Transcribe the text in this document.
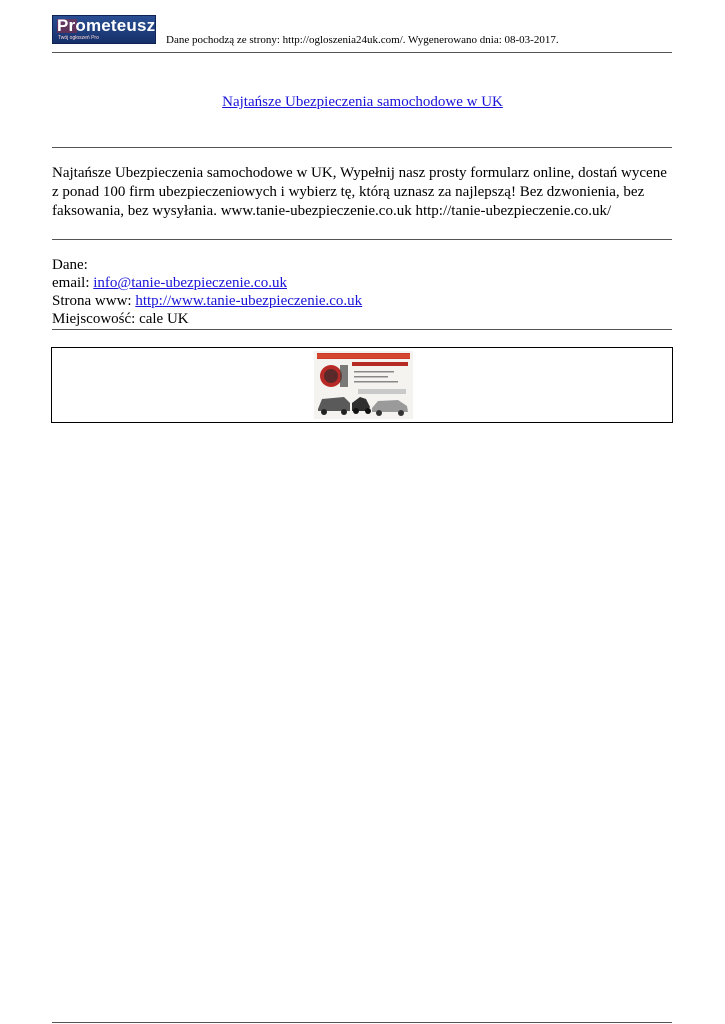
Prometeusz
Twój ogłoszeń Pro	Dane pochodzą ze strony: http://ogloszenia24uk.com/. Wygenerowano dnia: 08-03-2017.
Najtańsze Ubezpieczenia samochodowe w UK
Najtańsze Ubezpieczenia samochodowe w UK, Wypełnij nasz prosty formularz online, dostań wycene z ponad 100 firm ubezpieczeniowych i wybierz tę, którą uznasz za najlepszą! Bez dzwonienia, bez faksowania, bez wysyłania. www.tanie-ubezpieczenie.co.uk http://tanie-ubezpieczenie.co.uk/
Dane:
email: info@tanie-ubezpieczenie.co.uk
Strona www: http://www.tanie-ubezpieczenie.co.uk
Miejscowość: cale UK
